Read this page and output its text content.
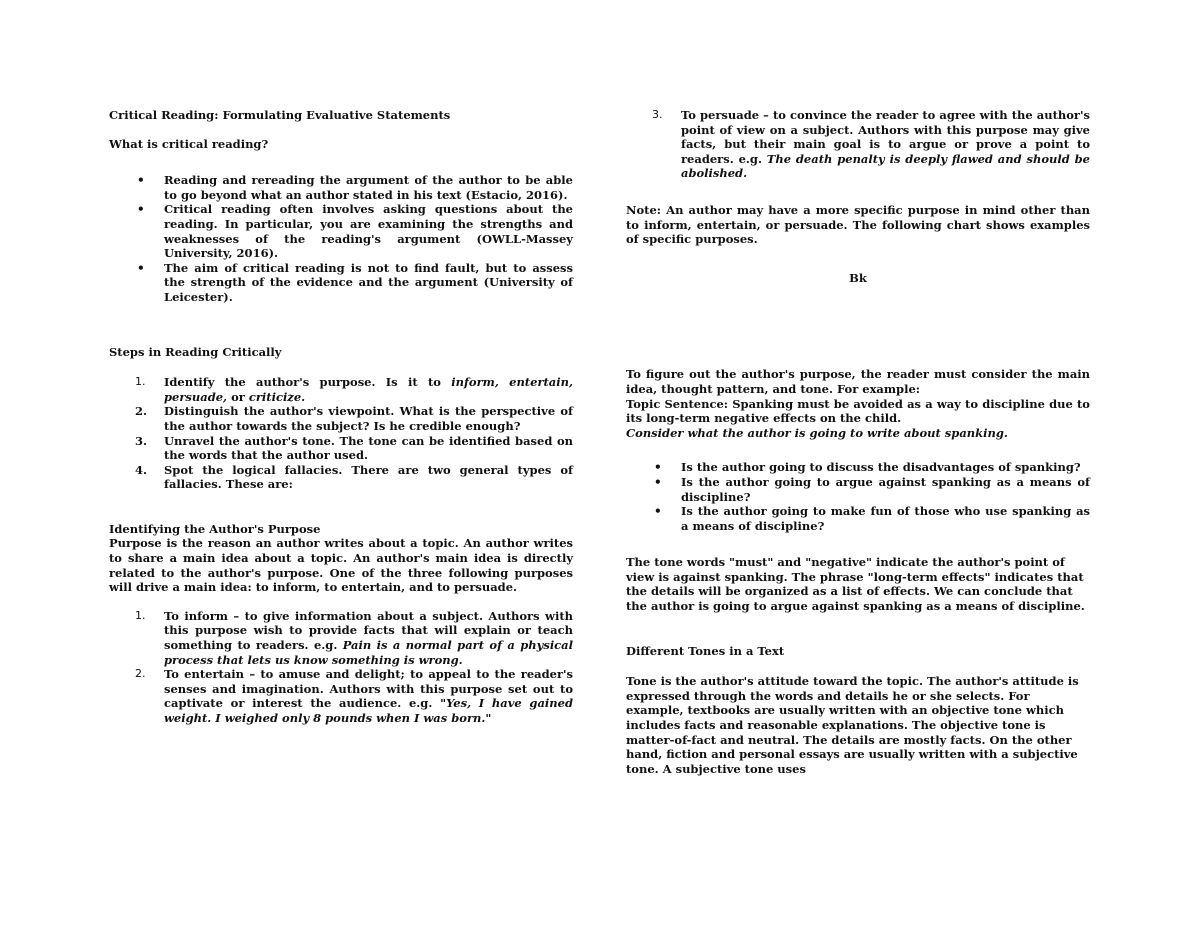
Critical Reading: Formulating Evaluative Statements
What is critical reading?
• Reading and rereading the argument of the author to be able to go beyond what an author stated in his text (Estacio, 2016).
• Critical reading often involves asking questions about the reading. In particular, you are examining the strengths and weaknesses of the reading's argument (OWLL-Massey University, 2016).
• The aim of critical reading is not to find fault, but to assess the strength of the evidence and the argument (University of Leicester).
Steps in Reading Critically
1. Identify the author's purpose. Is it to inform, entertain, persuade, or criticize.
2. Distinguish the author's viewpoint. What is the perspective of the author towards the subject? Is he credible enough?
3. Unravel the author's tone. The tone can be identified based on the words that the author used.
4. Spot the logical fallacies. There are two general types of fallacies. These are:
Identifying the Author's Purpose

Purpose is the reason an author writes about a topic. An author writes to share a main idea about a topic. An author's main idea is directly related to the author's purpose. One of the three following purposes will drive a main idea: to inform, to entertain, and to persuade.

1. To inform – to give information about a subject. Authors with this purpose wish to provide facts that will explain or teach something to readers. e.g. Pain is a normal part of a physical process that lets us know something is wrong.
2. To entertain – to amuse and delight; to appeal to the reader's senses and imagination. Authors with this purpose set out to captivate or interest the audience. e.g. "Yes, I have gained weight. I weighed only 8 pounds when I was born."
3. To persuade – to convince the reader to agree with the author's point of view on a subject. Authors with this purpose may give facts, but their main goal is to argue or prove a point to readers. e.g. The death penalty is deeply flawed and should be abolished.

Note: An author may have a more specific purpose in mind other than to inform, entertain, or persuade. The following chart shows examples of specific purposes.

Bk

To figure out the author's purpose, the reader must consider the main idea, thought pattern, and tone. For example:

Topic Sentence: Spanking must be avoided as a way to discipline due to its long-term negative effects on the child.

Consider what the author is going to write about spanking.

• Is the author going to discuss the disadvantages of spanking?
• Is the author going to argue against spanking as a means of discipline?
• Is the author going to make fun of those who use spanking as a means of discipline?

The tone words "must" and "negative" indicate the author's point of view is against spanking. The phrase "long-term effects" indicates that the details will be organized as a list of effects. We can conclude that the author is going to argue against spanking as a means of discipline.

Different Tones in a Text

Tone is the author's attitude toward the topic. The author's attitude is expressed through the words and details he or she selects. For example, textbooks are usually written with an objective tone which includes facts and reasonable explanations. The objective tone is matter-of-fact and neutral. The details are mostly facts. On the other hand, fiction and personal essays are usually written with a subjective tone. A subjective tone uses
